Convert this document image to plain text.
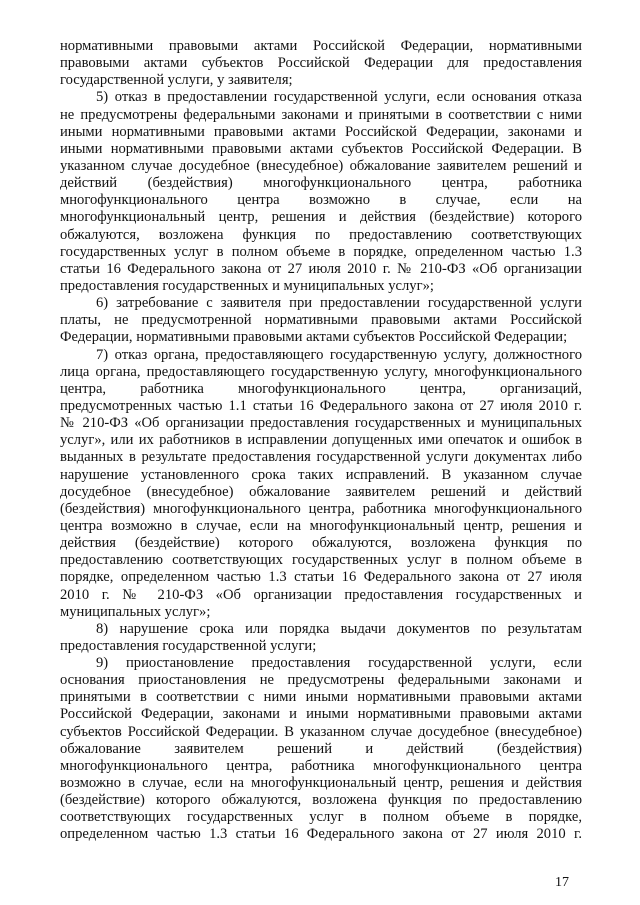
нормативными правовыми актами Российской Федерации, нормативными
правовыми актами субъектов Российской Федерации для предоставления
государственной услуги, у заявителя;
5) отказ в предоставлении государственной услуги, если основания отказа
не предусмотрены федеральными законами и принятыми в соответствии с ними
иными нормативными правовыми актами Российской Федерации, законами и
иными нормативными правовыми актами субъектов Российской Федерации. В
указанном случае досудебное (внесудебное) обжалование заявителем решений и
действий (бездействия) многофункционального центра, работника
многофункционального центра возможно в случае, если на
многофункциональный центр, решения и действия (бездействие) которого
обжалуются, возложена функция по предоставлению соответствующих
государственных услуг в полном объеме в порядке, определенном частью 1.3
статьи 16 Федерального закона от 27 июля 2010 г. № 210-ФЗ «Об организации
предоставления государственных и муниципальных услуг»;
6) затребование с заявителя при предоставлении государственной услуги
платы, не предусмотренной нормативными правовыми актами Российской
Федерации, нормативными правовыми актами субъектов Российской Федерации;
7) отказ органа, предоставляющего государственную услугу, должностного
лица органа, предоставляющего государственную услугу, многофункционального
центра, работника многофункционального центра, организаций,
предусмотренных частью 1.1 статьи 16 Федерального закона от 27 июля 2010 г.
№ 210-ФЗ «Об организации предоставления государственных и муниципальных
услуг», или их работников в исправлении допущенных ими опечаток и ошибок в
выданных в результате предоставления государственной услуги документах либо
нарушение установленного срока таких исправлений. В указанном случае
досудебное (внесудебное) обжалование заявителем решений и действий
(бездействия) многофункционального центра, работника многофункционального
центра возможно в случае, если на многофункциональный центр, решения и
действия (бездействие) которого обжалуются, возложена функция по
предоставлению соответствующих государственных услуг в полном объеме в
порядке, определенном частью 1.3 статьи 16 Федерального закона от 27 июля
2010 г. № 210-ФЗ «Об организации предоставления государственных и
муниципальных услуг»;
8) нарушение срока или порядка выдачи документов по результатам
предоставления государственной услуги;
9) приостановление предоставления государственной услуги, если
основания приостановления не предусмотрены федеральными законами и
принятыми в соответствии с ними иными нормативными правовыми актами
Российской Федерации, законами и иными нормативными правовыми актами
субъектов Российской Федерации. В указанном случае досудебное (внесудебное)
обжалование заявителем решений и действий (бездействия)
многофункционального центра, работника многофункционального центра
возможно в случае, если на многофункциональный центр, решения и действия
(бездействие) которого обжалуются, возложена функция по предоставлению
соответствующих государственных услуг в полном объеме в порядке,
определенном частью 1.3 статьи 16 Федерального закона от 27 июля 2010 г.
17
